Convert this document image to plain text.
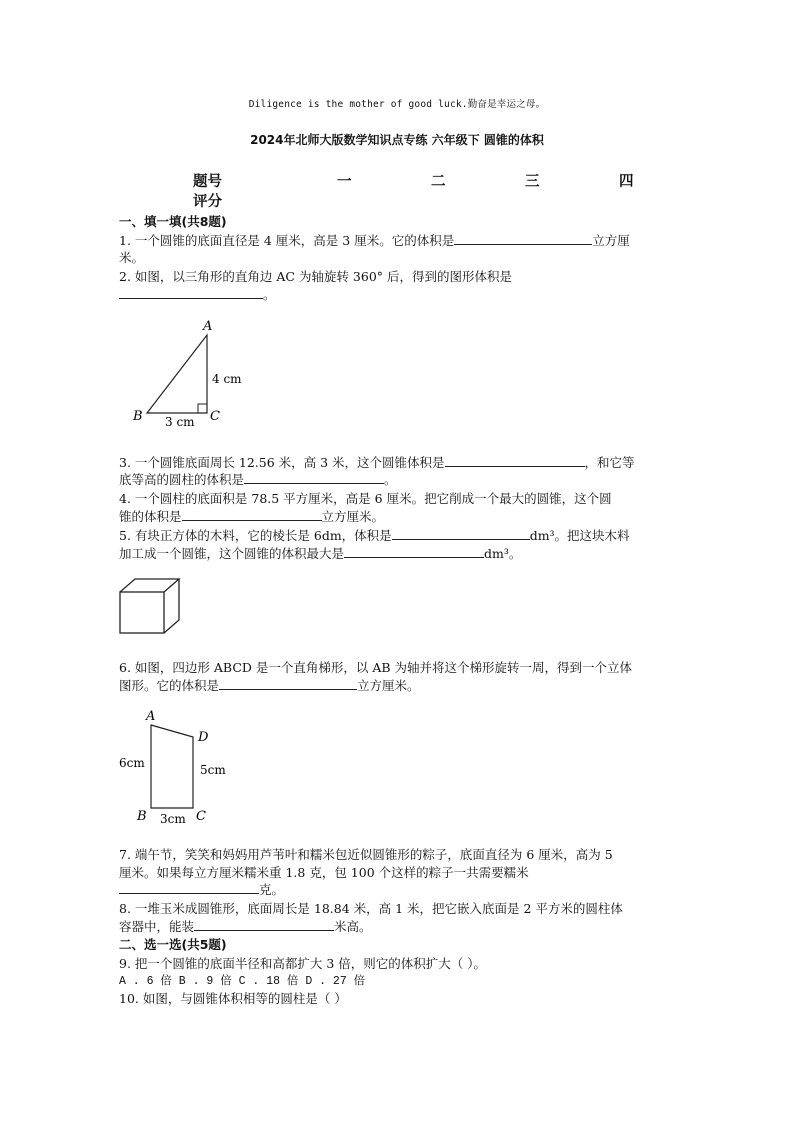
Diligence is the mother of good luck.勤奋是幸运之母。
2024年北师大版数学知识点专练 六年级下 圆锥的体积
题号	一	二	三	四
评分
一、填一填(共8题)
1. 一个圆锥的底面直径是 4 厘米，高是 3 厘米。它的体积是	立方厘
米。
2. 如图，以三角形的直角边 AC 为轴旋转 360° 后，得到的图形体积是
。
A
B	C
4 cm
3 cm
3. 一个圆锥底面周长 12.56 米，高 3 米，这个圆锥体积是	，和它等
底等高的圆柱的体积是	。
4. 一个圆柱的底面积是 78.5 平方厘米，高是 6 厘米。把它削成一个最大的圆锥，这个圆
锥的体积是	立方厘米。
5. 有块正方体的木料，它的棱长是 6dm，体积是	dm³。把这块木料
加工成一个圆锥，这个圆锥的体积最大是	dm³。
6. 如图，四边形 ABCD 是一个直角梯形，以 AB 为轴并将这个梯形旋转一周，得到一个立体
图形。它的体积是	立方厘米。
A
D
B	C
6cm	5cm
3cm
7. 端午节，笑笑和妈妈用芦苇叶和糯米包近似圆锥形的粽子，底面直径为 6 厘米，高为 5
厘米。如果每立方厘米糯米重 1.8 克，包 100 个这样的粽子一共需要糯米
克。
8. 一堆玉米成圆锥形，底面周长是 18.84 米，高 1 米，把它嵌入底面是 2 平方米的圆柱体
容器中，能装	米高。
二、选一选(共5题)
9. 把一个圆锥的底面半径和高都扩大 3 倍，则它的体积扩大（ ）。
A . 6 倍 B . 9 倍 C . 18 倍 D . 27 倍
10. 如图，与圆锥体积相等的圆柱是（ ）
